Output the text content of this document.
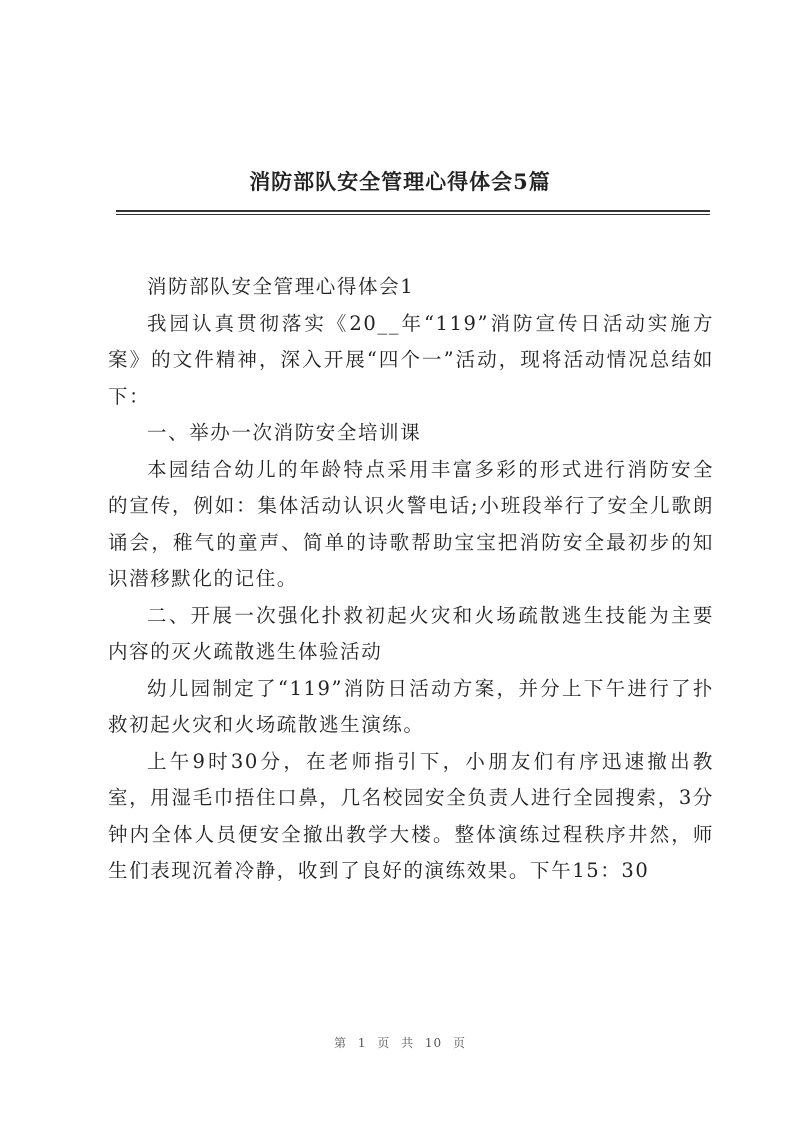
消防部队安全管理心得体会5篇

消防部队安全管理心得体会1

我园认真贯彻落实《20__年“119”消防宣传日活动实施方案》的文件精神，深入开展“四个一”活动，现将活动情况总结如下：

一、举办一次消防安全培训课

本园结合幼儿的年龄特点采用丰富多彩的形式进行消防安全的宣传，例如：集体活动认识火警电话;小班段举行了安全儿歌朗诵会，稚气的童声、简单的诗歌帮助宝宝把消防安全最初步的知识潜移默化的记住。

二、开展一次强化扑救初起火灾和火场疏散逃生技能为主要内容的灭火疏散逃生体验活动

幼儿园制定了“119”消防日活动方案，并分上下午进行了扑救初起火灾和火场疏散逃生演练。

上午9时30分，在老师指引下，小朋友们有序迅速撤出教室，用湿毛巾捂住口鼻，几名校园安全负责人进行全园搜索，3分钟内全体人员便安全撤出教学大楼。整体演练过程秩序井然，师生们表现沉着冷静，收到了良好的演练效果。下午15：30

第 1 页 共 10 页
